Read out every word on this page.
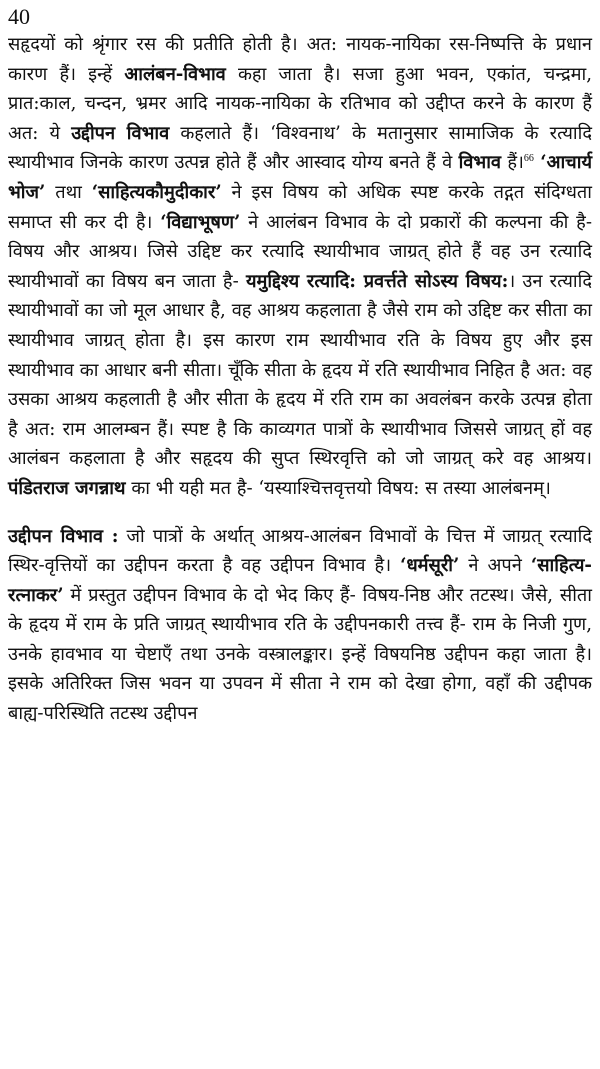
40

सहृदयों को श्रृंगार रस की प्रतीति होती है। अत: नायक-नायिका रस-निष्पत्ति के प्रधान कारण हैं। इन्हें आलंबन-विभाव कहा जाता है। सजा हुआ भवन, एकांत, चन्द्रमा, प्रात:काल, चन्दन, भ्रमर आदि नायक-नायिका के रतिभाव को उद्दीप्त करने के कारण हैं अत: ये उद्दीपन विभाव कहलाते हैं। ‘विश्वनाथ’ के मतानुसार सामाजिक के रत्यादि स्थायीभाव जिनके कारण उत्पन्न होते हैं और आस्वाद योग्य बनते हैं वे विभाव हैं।$^{66}$ ‘आचार्य भोज’ तथा ‘साहित्यकौमुदीकार’ ने इस विषय को अधिक स्पष्ट करके तद्गत संदिग्धता समाप्त सी कर दी है। ‘विद्याभूषण’ ने आलंबन विभाव के दो प्रकारों की कल्पना की है- विषय और आश्रय। जिसे उद्दिष्ट कर रत्यादि स्थायीभाव जाग्रत् होते हैं वह उन रत्यादि स्थायीभावों का विषय बन जाता है- यमुद्दिश्य रत्यादि: प्रवर्त्तते सोऽस्य विषय:। उन रत्यादि स्थायीभावों का जो मूल आधार है, वह आश्रय कहलाता है जैसे राम को उद्दिष्ट कर सीता का स्थायीभाव जाग्रत् होता है। इस कारण राम स्थायीभाव रति के विषय हुए और इस स्थायीभाव का आधार बनी सीता। चूँकि सीता के हृदय में रति स्थायीभाव निहित है अत: वह उसका आश्रय कहलाती है और सीता के हृदय में रति राम का अवलंबन करके उत्पन्न होता है अत: राम आलम्बन हैं। स्पष्ट है कि काव्यगत पात्रों के स्थायीभाव जिससे जाग्रत् हों वह आलंबन कहलाता है और सहृदय की सुप्त स्थिरवृत्ति को जो जाग्रत् करे वह आश्रय। पंडितराज जगन्नाथ का भी यही मत है- ‘यस्याश्चित्तवृत्तयो विषय: स तस्या आलंबनम्।

उद्दीपन विभाव : जो पात्रों के अर्थात् आश्रय-आलंबन विभावों के चित्त में जाग्रत् रत्यादि स्थिर-वृत्तियों का उद्दीपन करता है वह उद्दीपन विभाव है। ‘धर्मसूरी’ ने अपने ‘साहित्य-रत्नाकर’ में प्रस्तुत उद्दीपन विभाव के दो भेद किए हैं- विषय-निष्ठ और तटस्थ। जैसे, सीता के हृदय में राम के प्रति जाग्रत् स्थायीभाव रति के उद्दीपनकारी तत्त्व हैं- राम के निजी गुण, उनके हावभाव या चेष्टाएँ तथा उनके वस्त्रालङ्कार। इन्हें विषयनिष्ठ उद्दीपन कहा जाता है। इसके अतिरिक्त जिस भवन या उपवन में सीता ने राम को देखा होगा, वहाँ की उद्दीपक बाह्य-परिस्थिति तटस्थ उद्दीपन
